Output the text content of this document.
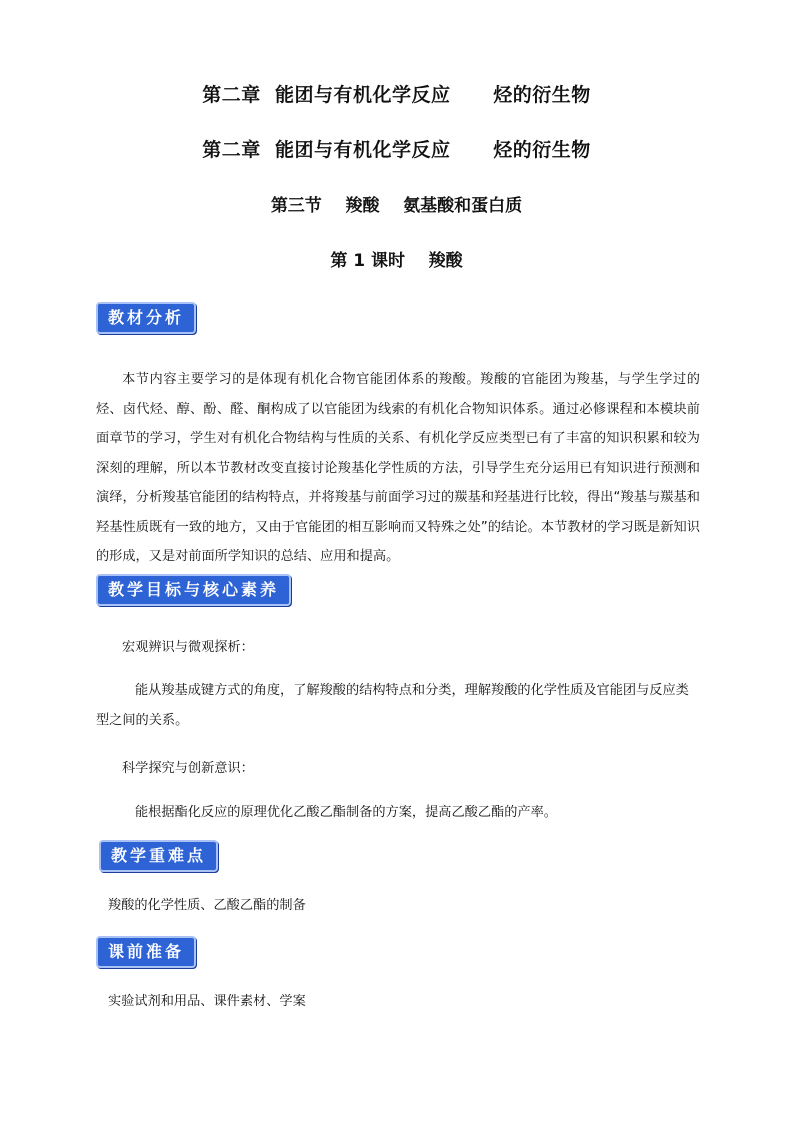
第二章  能团与有机化学反应      烃的衍生物
第二章  能团与有机化学反应      烃的衍生物
第三节    羧酸    氨基酸和蛋白质
第 1 课时    羧酸
教材分析
本节内容主要学习的是体现有机化合物官能团体系的羧酸。羧酸的官能团为羧基，与学生学过的烃、卤代烃、醇、酚、醛、酮构成了以官能团为线索的有机化合物知识体系。通过必修课程和本模块前面章节的学习，学生对有机化合物结构与性质的关系、有机化学反应类型已有了丰富的知识积累和较为深刻的理解，所以本节教材改变直接讨论羧基化学性质的方法，引导学生充分运用已有知识进行预测和演绎，分析羧基官能团的结构特点，并将羧基与前面学习过的羰基和羟基进行比较，得出“羧基与羰基和羟基性质既有一致的地方，又由于官能团的相互影响而又特殊之处”的结论。本节教材的学习既是新知识的形成，又是对前面所学知识的总结、应用和提高。
教学目标与核心素养
宏观辨识与微观探析：
能从羧基成键方式的角度，了解羧酸的结构特点和分类，理解羧酸的化学性质及官能团与反应类型之间的关系。
科学探究与创新意识：
能根据酯化反应的原理优化乙酸乙酯制备的方案，提高乙酸乙酯的产率。
教学重难点
羧酸的化学性质、乙酸乙酯的制备
课前准备
实验试剂和用品、课件素材、学案
